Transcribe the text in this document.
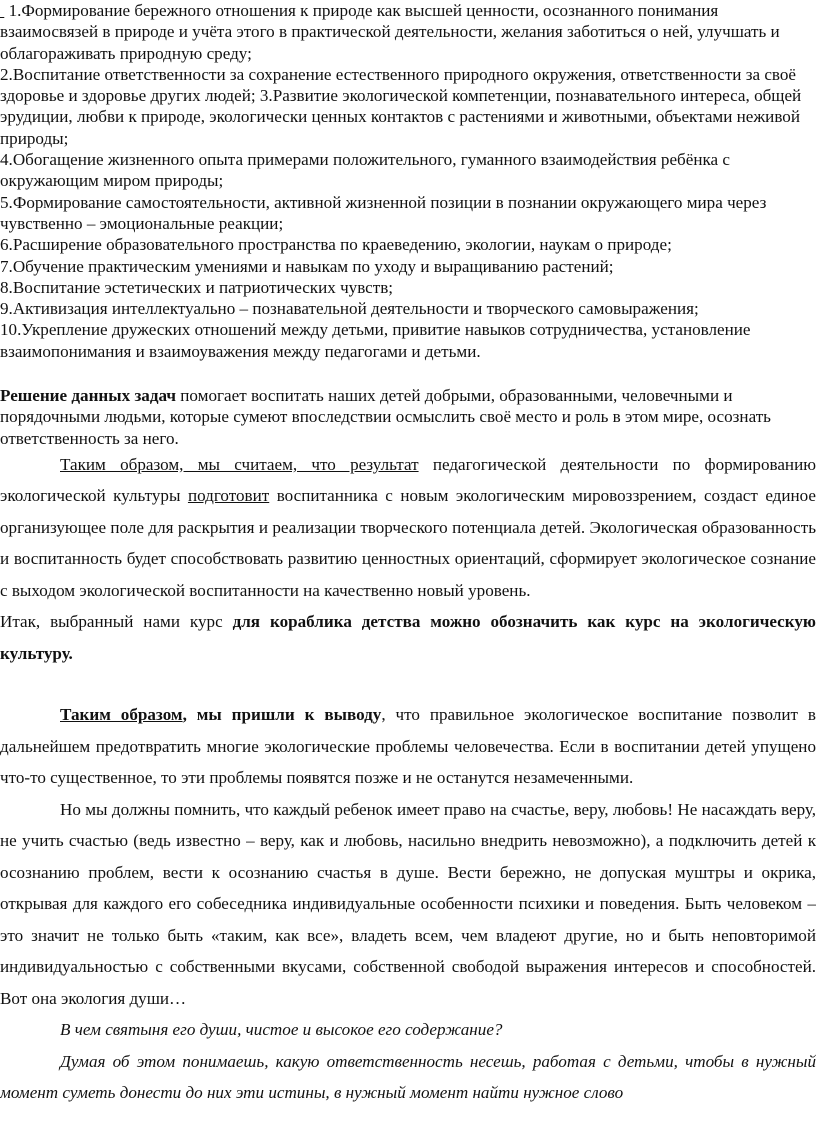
1.Формирование бережного отношения к природе как высшей ценности, осознанного понимания взаимосвязей в природе и учёта этого в практической деятельности, желания заботиться о ней, улучшать и облагораживать природную среду;

2.Воспитание ответственности за сохранение естественного природного окружения, ответственности за своё здоровье и здоровье других людей; 3.Развитие экологической компетенции, познавательного интереса, общей эрудиции, любви к природе, экологически ценных контактов с растениями и животными, объектами неживой природы;

4.Обогащение жизненного опыта примерами положительного, гуманного взаимодействия ребёнка с окружающим миром природы;

5.Формирование самостоятельности, активной жизненной позиции в познании окружающего мира через чувственно – эмоциональные реакции;

6.Расширение образовательного пространства по краеведению, экологии, наукам о природе;

7.Обучение практическим умениями и навыкам по уходу и выращиванию растений;

8.Воспитание эстетических и патриотических чувств;

9.Активизация интеллектуально – познавательной деятельности и творческого самовыражения;

10.Укрепление дружеских отношений между детьми, привитие навыков сотрудничества, установление взаимопонимания и взаимоуважения между педагогами и детьми.

Решение данных задач помогает воспитать наших детей добрыми, образованными, человечными и порядочными людьми, которые сумеют впоследствии осмыслить своё место и роль в этом мире, осознать ответственность за него.

Таким образом, мы считаем, что результат педагогической деятельности по формированию экологической культуры подготовит воспитанника с новым экологическим мировоззрением, создаст единое организующее поле для раскрытия и реализации творческого потенциала детей. Экологическая образованность и воспитанность будет способствовать развитию ценностных ориентаций, сформирует экологическое сознание с выходом экологической воспитанности на качественно новый уровень.

Итак, выбранный нами курс для кораблика детства можно обозначить как курс на экологическую культуру.

Таким образом, мы пришли к выводу, что правильное экологическое воспитание позволит в дальнейшем предотвратить многие экологические проблемы человечества. Если в воспитании детей упущено что-то существенное, то эти проблемы появятся позже и не останутся незамеченными.

Но мы должны помнить, что каждый ребенок имеет право на счастье, веру, любовь! Не насаждать веру, не учить счастью (ведь известно – веру, как и любовь, насильно внедрить невозможно), а подключить детей к осознанию проблем, вести к осознанию счастья в душе. Вести бережно, не допуская муштры и окрика, открывая для каждого его собеседника индивидуальные особенности психики и поведения. Быть человеком – это значит не только быть «таким, как все», владеть всем, чем владеют другие, но и быть неповторимой индивидуальностью с собственными вкусами, собственной свободой выражения интересов и способностей. Вот она экология души…

В чем святыня его души, чистое и высокое его содержание?

Думая об этом понимаешь, какую ответственность несешь, работая с детьми, чтобы в нужный момент суметь донести до них эти истины, в нужный момент найти нужное слово
